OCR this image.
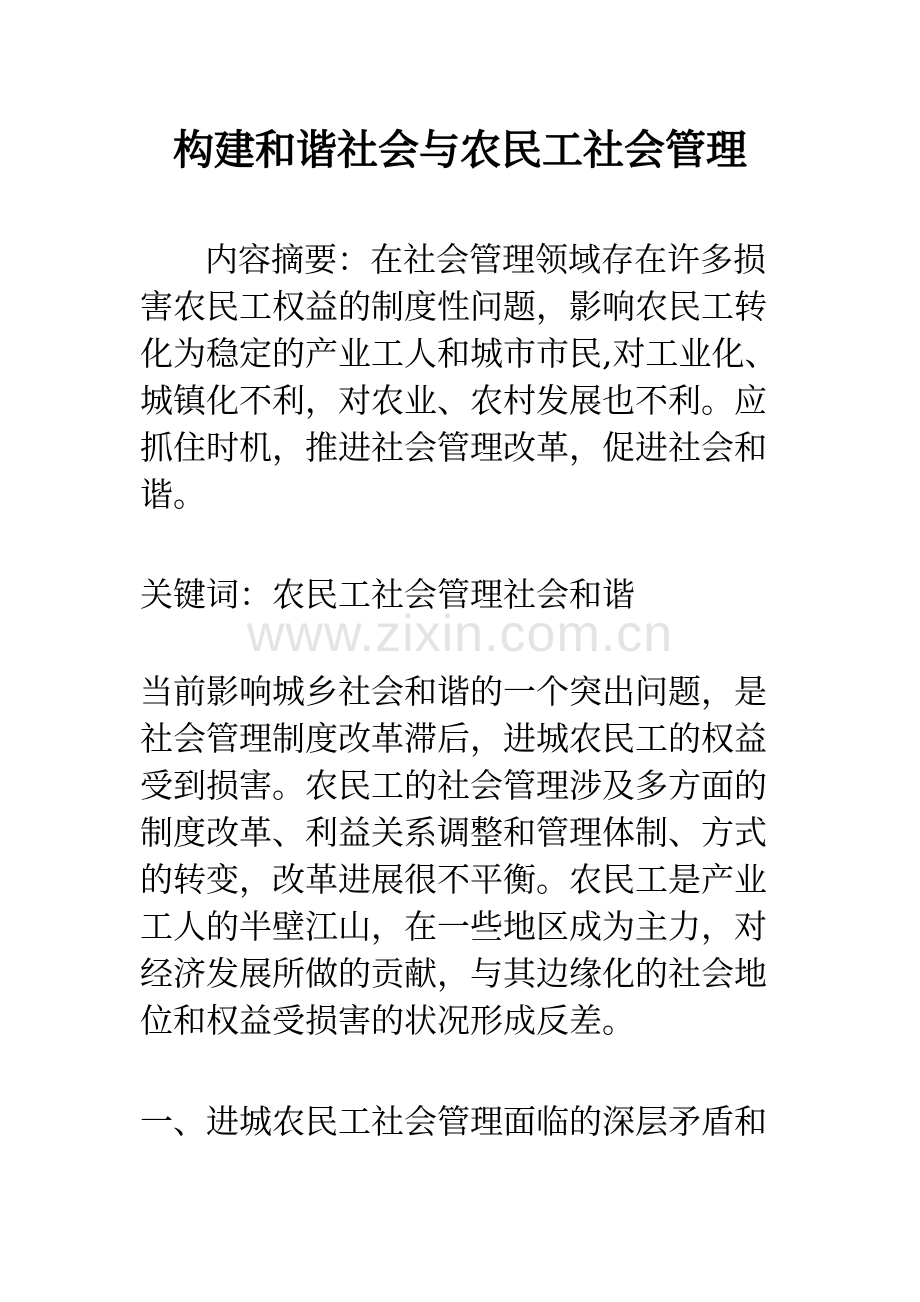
构建和谐社会与农民工社会管理
内容摘要：在社会管理领域存在许多损
害农民工权益的制度性问题，影响农民工转
化为稳定的产业工人和城市市民,对工业化、
城镇化不利，对农业、农村发展也不利。应
抓住时机，推进社会管理改革，促进社会和
谐。
关键词：农民工社会管理社会和谐
www.zixin.com.cn
当前影响城乡社会和谐的一个突出问题，是
社会管理制度改革滞后，进城农民工的权益
受到损害。农民工的社会管理涉及多方面的
制度改革、利益关系调整和管理体制、方式
的转变，改革进展很不平衡。农民工是产业
工人的半壁江山，在一些地区成为主力，对
经济发展所做的贡献，与其边缘化的社会地
位和权益受损害的状况形成反差。
一、进城农民工社会管理面临的深层矛盾和
